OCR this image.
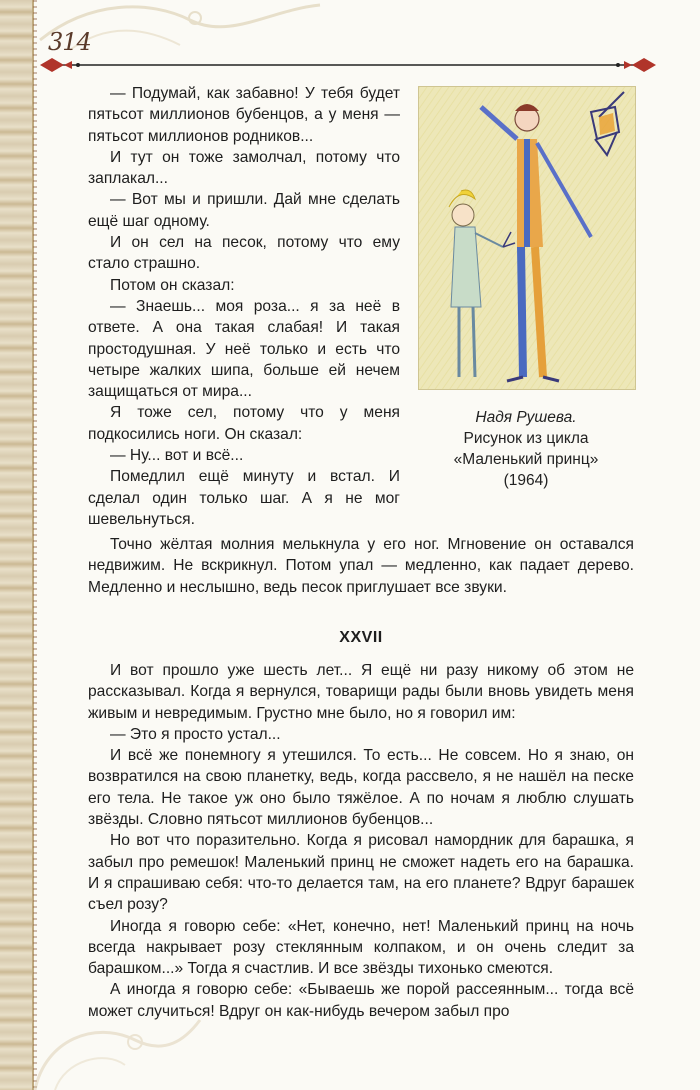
314

— Подумай, как забавно! У тебя будет пятьсот миллионов бубенцов, а у меня — пятьсот миллионов родников...

И тут он тоже замолчал, потому что заплакал...

— Вот мы и пришли. Дай мне сделать ещё шаг одному.

И он сел на песок, потому что ему стало страшно.

Потом он сказал:

— Знаешь... моя роза... я за неё в ответе. А она такая слабая! И такая простодушная. У неё только и есть что четыре жалких шипа, больше ей нечем защищаться от мира...

Я тоже сел, потому что у меня подкосились ноги. Он сказал:

— Ну... вот и всё...

Помедлил ещё минуту и встал. И сделал один только шаг. А я не мог шевельнуться.

Надя Рушева.
Рисунок из цикла
«Маленький принц»
(1964)

Точно жёлтая молния мелькнула у его ног. Мгновение он оставался недвижим. Не вскрикнул. Потом упал — медленно, как падает дерево. Медленно и неслышно, ведь песок приглушает все звуки.

XXVII

И вот прошло уже шесть лет... Я ещё ни разу никому об этом не рассказывал. Когда я вернулся, товарищи рады были вновь увидеть меня живым и невредимым. Грустно мне было, но я говорил им:

— Это я просто устал...

И всё же понемногу я утешился. То есть... Не совсем. Но я знаю, он возвратился на свою планетку, ведь, когда рассвело, я не нашёл на песке его тела. Не такое уж оно было тяжёлое. А по ночам я люблю слушать звёзды. Словно пятьсот миллионов бубенцов...

Но вот что поразительно. Когда я рисовал намордник для барашка, я забыл про ремешок! Маленький принц не сможет надеть его на барашка. И я спрашиваю себя: что-то делается там, на его планете? Вдруг барашек съел розу?

Иногда я говорю себе: «Нет, конечно, нет! Маленький принц на ночь всегда накрывает розу стеклянным колпаком, и он очень следит за барашком...» Тогда я счастлив. И все звёзды тихонько смеются.

А иногда я говорю себе: «Бываешь же порой рассеянным... тогда всё может случиться! Вдруг он как-нибудь вечером забыл про
